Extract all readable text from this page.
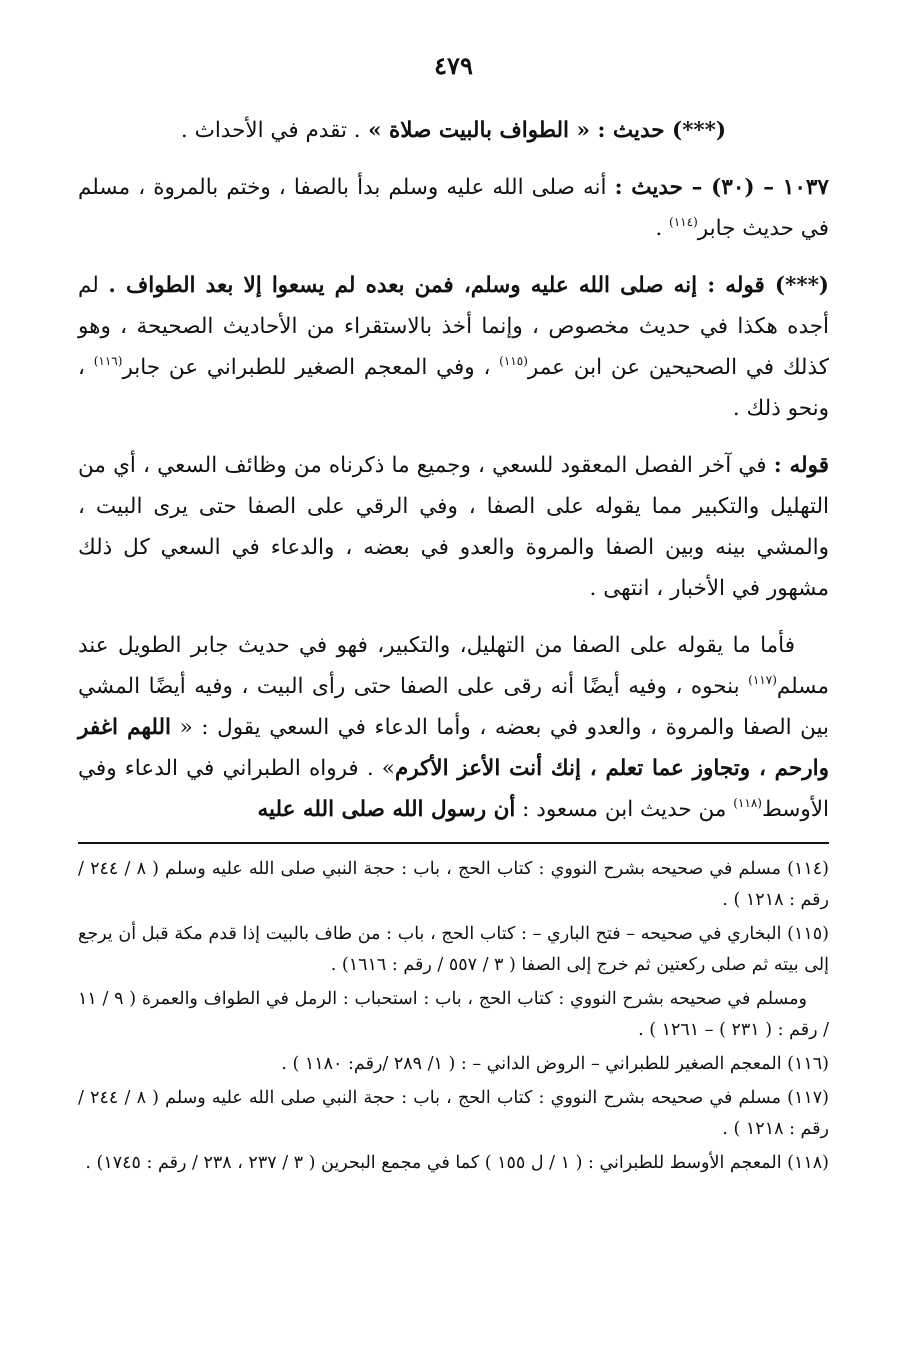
٤٧٩

(***) حديث : « الطواف بالبيت صلاة » . تقدم في الأحداث .

١٠٣٧ – (٣٠) – حديث : أنه صلى الله عليه وسلم بدأ بالصفا ، وختم بالمروة ، مسلم في حديث جابر$^{(١١٤)}$ .

(***) قوله : إنه صلى الله عليه وسلم، فمن بعده لم يسعوا إلا بعد الطواف . لم أجده هكذا في حديث مخصوص ، وإنما أخذ بالاستقراء من الأحاديث الصحيحة ، وهو كذلك في الصحيحين عن ابن عمر$^{(١١٥)}$ ، وفي المعجم الصغير للطبراني عن جابر$^{(١١٦)}$ ، ونحو ذلك .

قوله : في آخر الفصل المعقود للسعي ، وجميع ما ذكرناه من وظائف السعي ، أي من التهليل والتكبير مما يقوله على الصفا ، وفي الرقي على الصفا حتى يرى البيت ، والمشي بينه وبين الصفا والمروة والعدو في بعضه ، والدعاء في السعي كل ذلك مشهور في الأخبار ، انتهى .

فأما ما يقوله على الصفا من التهليل، والتكبير، فهو في حديث جابر الطويل عند مسلم$^{(١١٧)}$ بنحوه ، وفيه أيضًا أنه رقى على الصفا حتى رأى البيت ، وفيه أيضًا المشي بين الصفا والمروة ، والعدو في بعضه ، وأما الدعاء في السعي يقول : « اللهم اغفر وارحم ، وتجاوز عما تعلم ، إنك أنت الأعز الأكرم» . فرواه الطبراني في الدعاء وفي الأوسط$^{(١١٨)}$ من حديث ابن مسعود : أن رسول الله صلى الله عليه

(١١٤) مسلم في صحيحه بشرح النووي : كتاب الحج ، باب : حجة النبي صلى الله عليه وسلم ( ٨ / ٢٤٤ / رقم : ١٢١٨ ) .

(١١٥) البخاري في صحيحه – فتح الباري – : كتاب الحج ، باب : من طاف بالبيت إذا قدم مكة قبل أن يرجع إلى بيته ثم صلى ركعتين ثم خرج إلى الصفا ( ٣ / ٥٥٧ / رقم : ١٦١٦) .

ومسلم في صحيحه بشرح النووي : كتاب الحج ، باب : استحباب : الرمل في الطواف والعمرة ( ٩ / ١١ / رقم : ( ٢٣١ ) – ١٢٦١ ) .

(١١٦) المعجم الصغير للطبراني – الروض الداني – : ( ١/ ٢٨٩ /رقم: ١١٨٠ ) .

(١١٧) مسلم في صحيحه بشرح النووي : كتاب الحج ، باب : حجة النبي صلى الله عليه وسلم ( ٨ / ٢٤٤ / رقم : ١٢١٨ ) .

(١١٨) المعجم الأوسط للطبراني : ( ١ / ل ١٥٥ ) كما في مجمع البحرين ( ٣ / ٢٣٧ ، ٢٣٨ / رقم : ١٧٤٥) .
